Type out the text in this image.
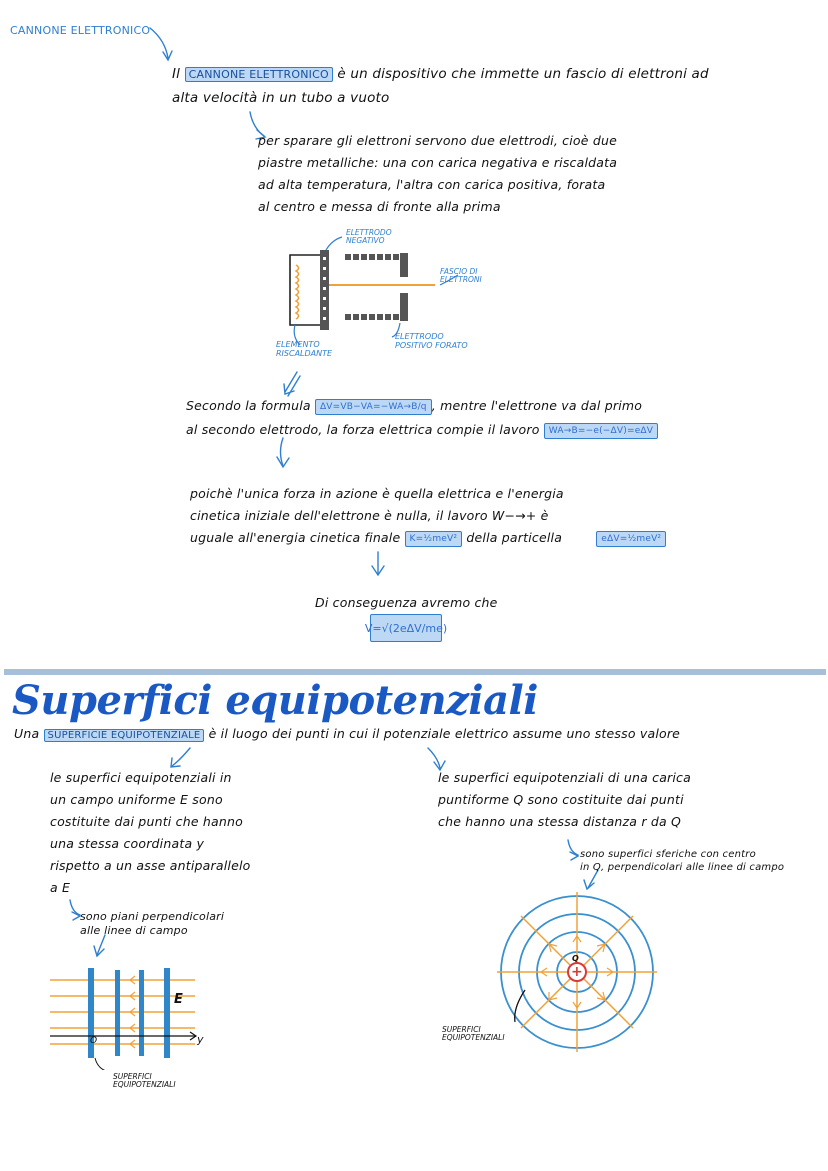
CANNONE ELETTRONICO
Il CANNONE ELETTRONICO è un dispositivo che immette un fascio di elettroni ad
alta velocità in un tubo a vuoto
per sparare gli elettroni servono due elettrodi, cioè due
piastre metalliche: una con carica negativa e riscaldata
ad alta temperatura, l'altra con carica positiva, forata
al centro e messa di fronte alla prima
ELETTRODO
NEGATIVO
FASCIO DI
ELETTRONI
ELEMENTO
RISCALDANTE
ELETTRODO
POSITIVO FORATO
Secondo la formula ΔV=VB−VA=−WA→B/q , mentre l'elettrone va dal primo
al secondo elettrodo, la forza elettrica compie il lavoro WA→B=−e(−ΔV)=eΔV
poichè l'unica forza in azione è quella elettrica e l'energia
cinetica iniziale dell'elettrone è nulla, il lavoro W−→+ è
uguale all'energia cinetica finale K=½meV² della particella	eΔV=½meV²
Di conseguenza avremo che
V=√(2eΔV/me)
Superfici equipotenziali
Una SUPERFICIE EQUIPOTENZIALE è il luogo dei punti in cui il potenziale elettrico assume uno stesso valore
le superfici equipotenziali in
un campo uniforme E sono
costituite dai punti che hanno
una stessa coordinata y
rispetto a un asse antiparallelo
a E
sono piani perpendicolari
alle linee di campo
E
y
O
SUPERFICI
EQUIPOTENZIALI
le superfici equipotenziali di una carica
puntiforme Q sono costituite dai punti
che hanno una stessa distanza r da Q
sono superfici sferiche con centro
in Q, perpendicolari alle linee di campo
+
Q
SUPERFICI
EQUIPOTENZIALI
